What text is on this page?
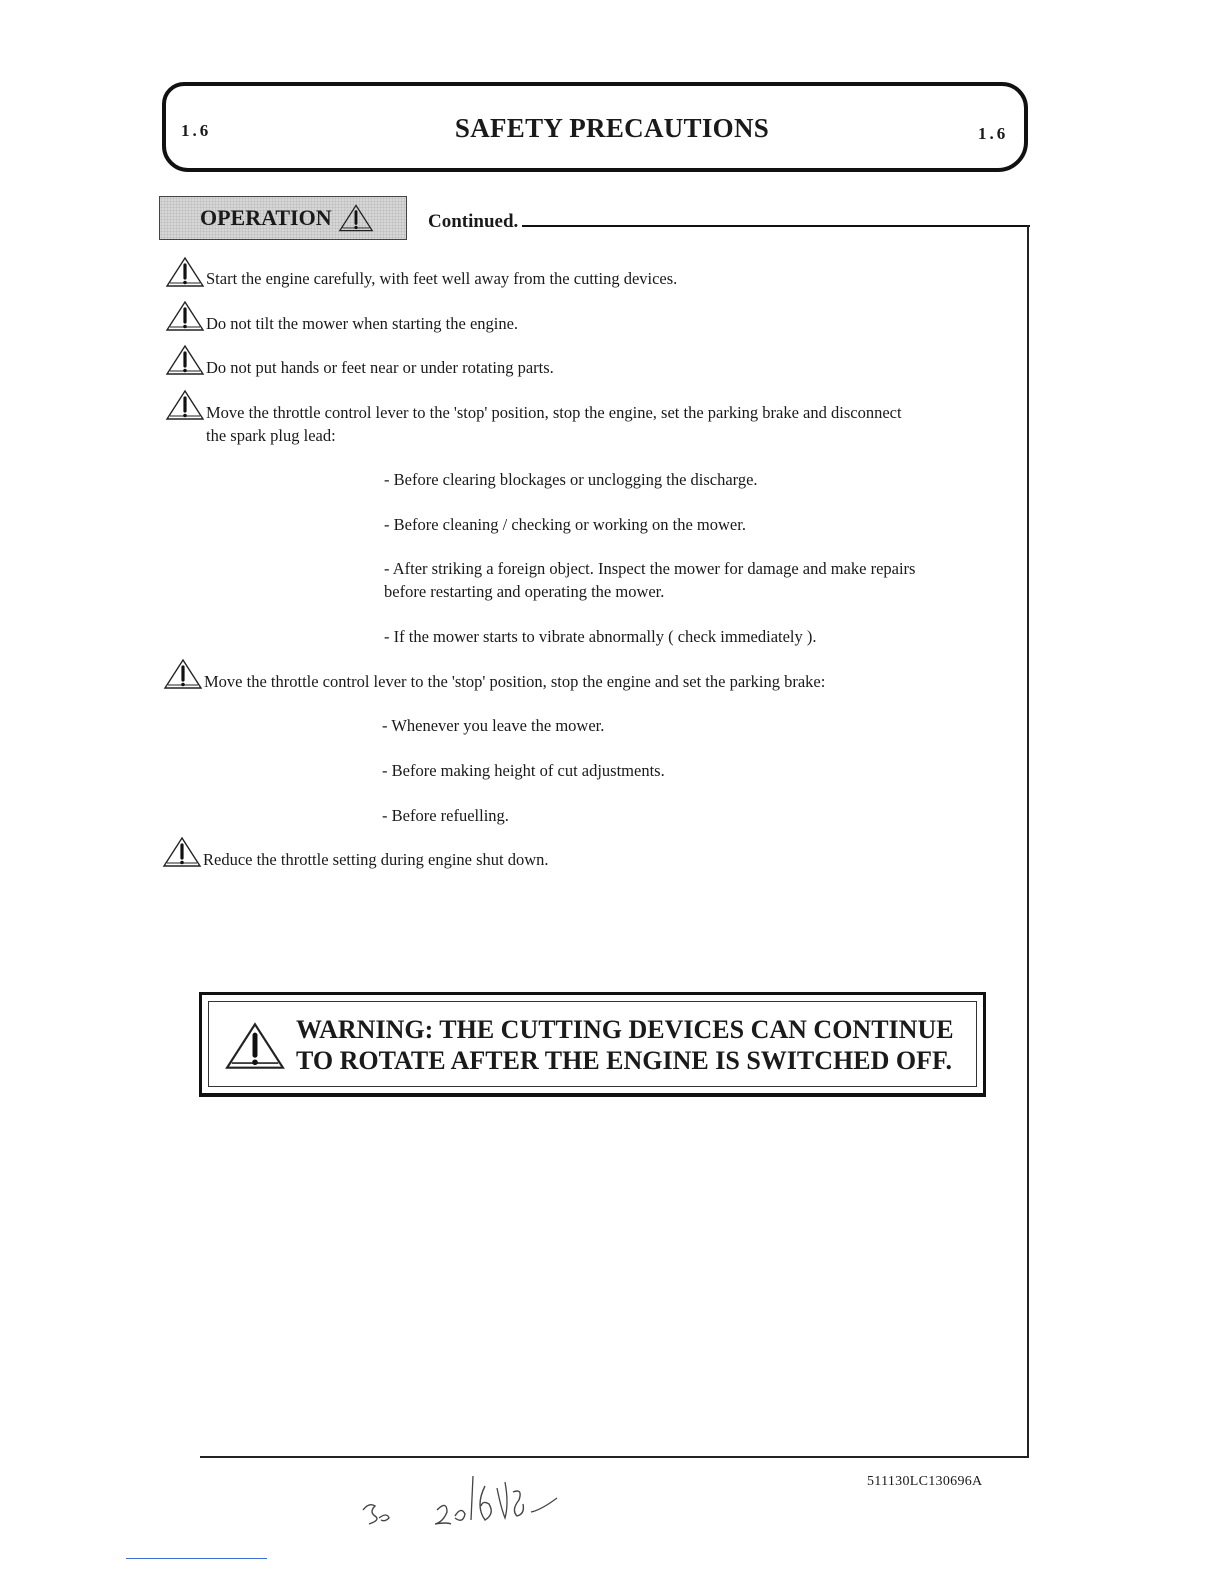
1.6	SAFETY PRECAUTIONS	1.6
OPERATION	Continued.
Start the engine carefully, with feet well away from the cutting devices.
Do not tilt the mower when starting the engine.
Do not put hands or feet near or under rotating parts.
Move the throttle control lever to the 'stop' position, stop the engine, set the parking brake and disconnect
the spark plug lead:
- Before clearing blockages or unclogging the discharge.
- Before cleaning / checking or working on the mower.
- After striking a foreign object. Inspect the mower for damage and make repairs
before restarting and operating the mower.
- If the mower starts to vibrate abnormally ( check immediately ).
Move the throttle control lever to the 'stop' position, stop the engine and set the parking brake:
- Whenever you leave the mower.
- Before making height of cut adjustments.
- Before refuelling.
Reduce the throttle setting during engine shut down.
WARNING: THE CUTTING DEVICES CAN CONTINUE
TO ROTATE AFTER THE ENGINE IS SWITCHED OFF.
511130LC130696A
